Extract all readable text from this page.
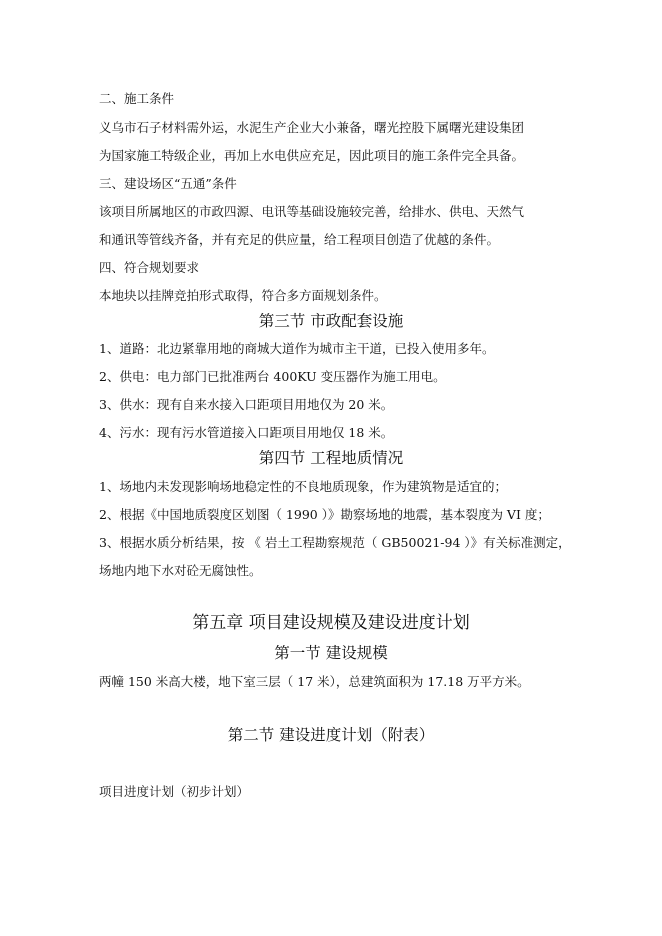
二、施工条件
义乌市石子材料需外运，水泥生产企业大小兼备，曙光控股下属曙光建设集团
为国家施工特级企业，再加上水电供应充足，因此项目的施工条件完全具备。
三、建设场区“五通”条件
该项目所属地区的市政四源、电讯等基础设施较完善，给排水、供电、天然气
和通讯等管线齐备，并有充足的供应量，给工程项目创造了优越的条件。
四、符合规划要求
本地块以挂牌竞拍形式取得，符合多方面规划条件。
第三节 市政配套设施
1、道路：北边紧靠用地的商城大道作为城市主干道，已投入使用多年。
2、供电：电力部门已批准两台 400KU 变压器作为施工用电。
3、供水：现有自来水接入口距项目用地仅为 20 米。
4、污水：现有污水管道接入口距项目用地仅 18 米。
第四节 工程地质情况
1、场地内未发现影响场地稳定性的不良地质现象，作为建筑物是适宜的；
2、根据《中国地质裂度区划图（ 1990 ）》勘察场地的地震，基本裂度为 VI 度；
3、根据水质分析结果，按 《 岩土工程勘察规范（ GB50021-94 ）》有关标准测定，
场地内地下水对砼无腐蚀性。
第五章 项目建设规模及建设进度计划
第一节 建设规模
两幢 150 米高大楼，地下室三层（ 17 米），总建筑面积为 17.18 万平方米。
第二节 建设进度计划（附表）
项目进度计划（初步计划）
